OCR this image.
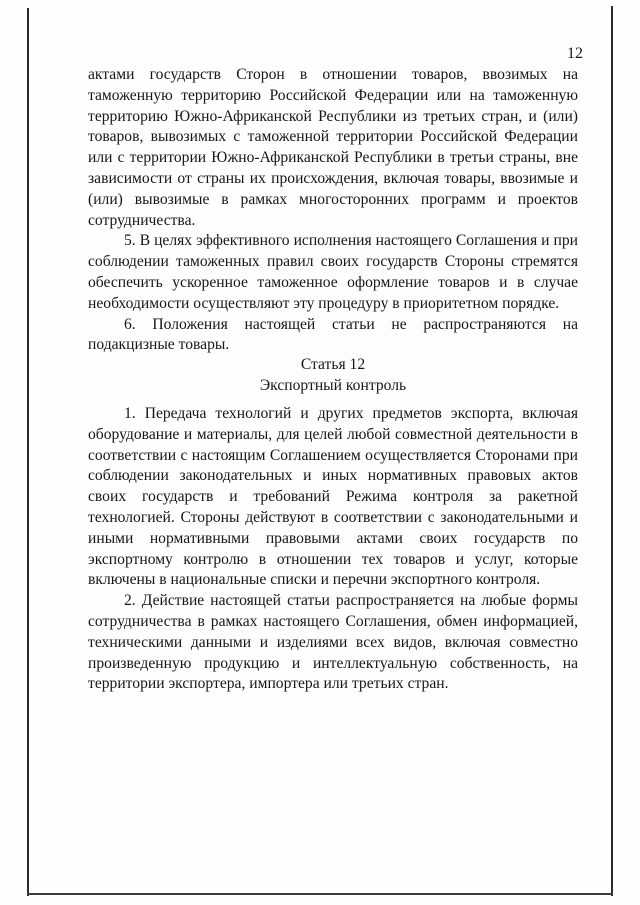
12

актами государств Сторон в отношении товаров, ввозимых на таможенную территорию Российской Федерации или на таможенную территорию Южно-Африканской Республики из третьих стран, и (или) товаров, вывозимых с таможенной территории Российской Федерации или с территории Южно-Африканской Республики в третьи страны, вне зависимости от страны их происхождения, включая товары, ввозимые и (или) вывозимые в рамках многосторонних программ и проектов сотрудничества.

5. В целях эффективного исполнения настоящего Соглашения и при соблюдении таможенных правил своих государств Стороны стремятся обеспечить ускоренное таможенное оформление товаров и в случае необходимости осуществляют эту процедуру в приоритетном порядке.

6. Положения настоящей статьи не распространяются на подакцизные товары.

Статья 12
Экспортный контроль

1. Передача технологий и других предметов экспорта, включая оборудование и материалы, для целей любой совместной деятельности в соответствии с настоящим Соглашением осуществляется Сторонами при соблюдении законодательных и иных нормативных правовых актов своих государств и требований Режима контроля за ракетной технологией. Стороны действуют в соответствии с законодательными и иными нормативными правовыми актами своих государств по экспортному контролю в отношении тех товаров и услуг, которые включены в национальные списки и перечни экспортного контроля.

2. Действие настоящей статьи распространяется на любые формы сотрудничества в рамках настоящего Соглашения, обмен информацией, техническими данными и изделиями всех видов, включая совместно произведенную продукцию и интеллектуальную собственность, на территории экспортера, импортера или третьих стран.
